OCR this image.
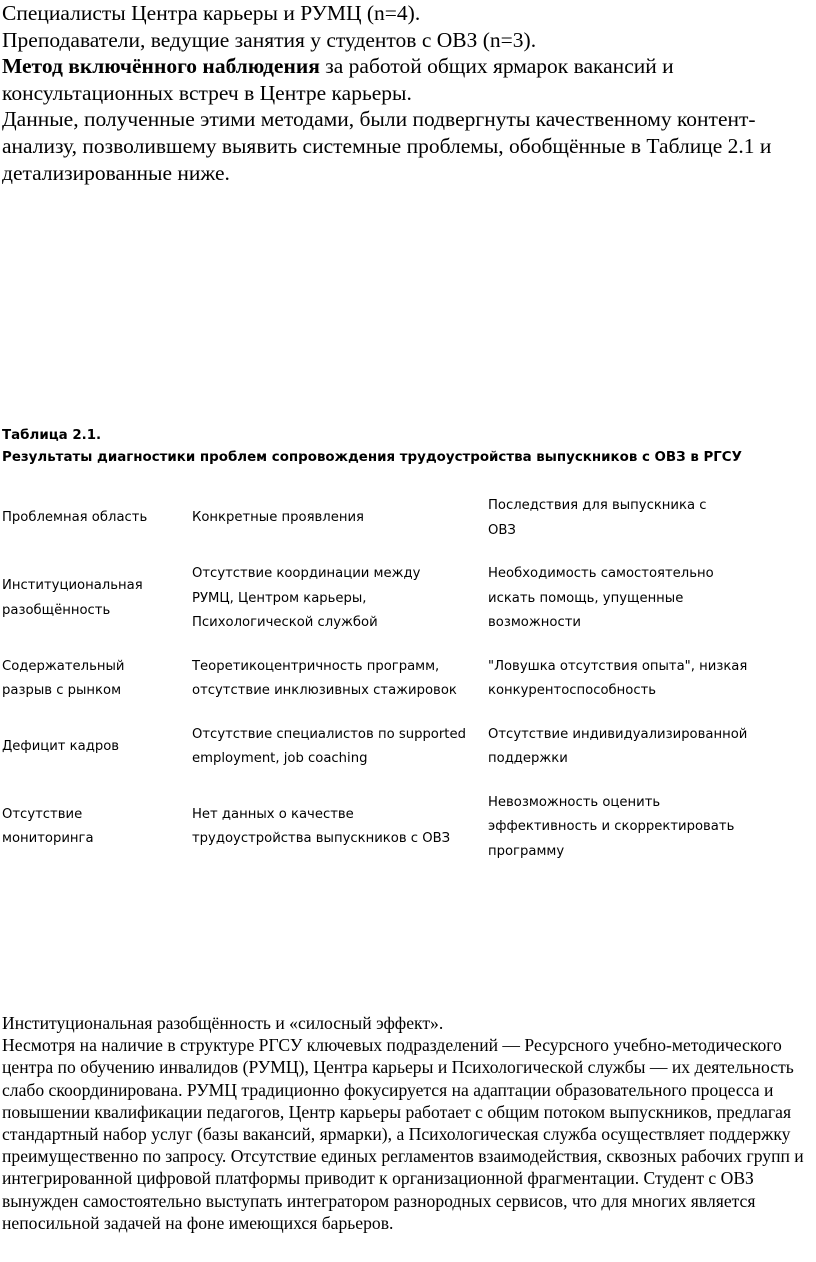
Специалисты Центра карьеры и РУМЦ (n=4).

Преподаватели, ведущие занятия у студентов с ОВЗ (n=3).

Метод включённого наблюдения за работой общих ярмарок вакансий и консультационных встреч в Центре карьеры.

Данные, полученные этими методами, были подвергнуты качественному контент-анализу, позволившему выявить системные проблемы, обобщённые в Таблице 2.1 и детализированные ниже.

Таблица 2.1.

Результаты диагностики проблем сопровождения трудоустройства выпускников с ОВЗ в РГСУ

Проблемная область	Конкретные проявления
Последствия для выпускника с
ОВЗ
Институциональная
разобщённость
Отсутствие координации между
РУМЦ, Центром карьеры,
Психологической службой
Необходимость самостоятельно
искать помощь, упущенные
возможности
Содержательный
разрыв с рынком
Теоретикоцентричность программ,
отсутствие инклюзивных стажировок
"Ловушка отсутствия опыта", низкая
конкурентоспособность
Дефицит кадров
Отсутствие специалистов по supported
employment, job coaching
Отсутствие индивидуализированной
поддержки
Отсутствие
мониторинга
Нет данных о качестве
трудоустройства выпускников с ОВЗ
Невозможность оценить
эффективность и скорректировать
программу

Институциональная разобщённость и «силосный эффект».

Несмотря на наличие в структуре РГСУ ключевых подразделений — Ресурсного учебно-методического центра по обучению инвалидов (РУМЦ), Центра карьеры и Психологической службы — их деятельность слабо скоординирована. РУМЦ традиционно фокусируется на адаптации образовательного процесса и повышении квалификации педагогов, Центр карьеры работает с общим потоком выпускников, предлагая стандартный набор услуг (базы вакансий, ярмарки), а Психологическая служба осуществляет поддержку преимущественно по запросу. Отсутствие единых регламентов взаимодействия, сквозных рабочих групп и интегрированной цифровой платформы приводит к организационной фрагментации. Студент с ОВЗ вынужден самостоятельно выступать интегратором разнородных сервисов, что для многих является непосильной задачей на фоне имеющихся барьеров.
